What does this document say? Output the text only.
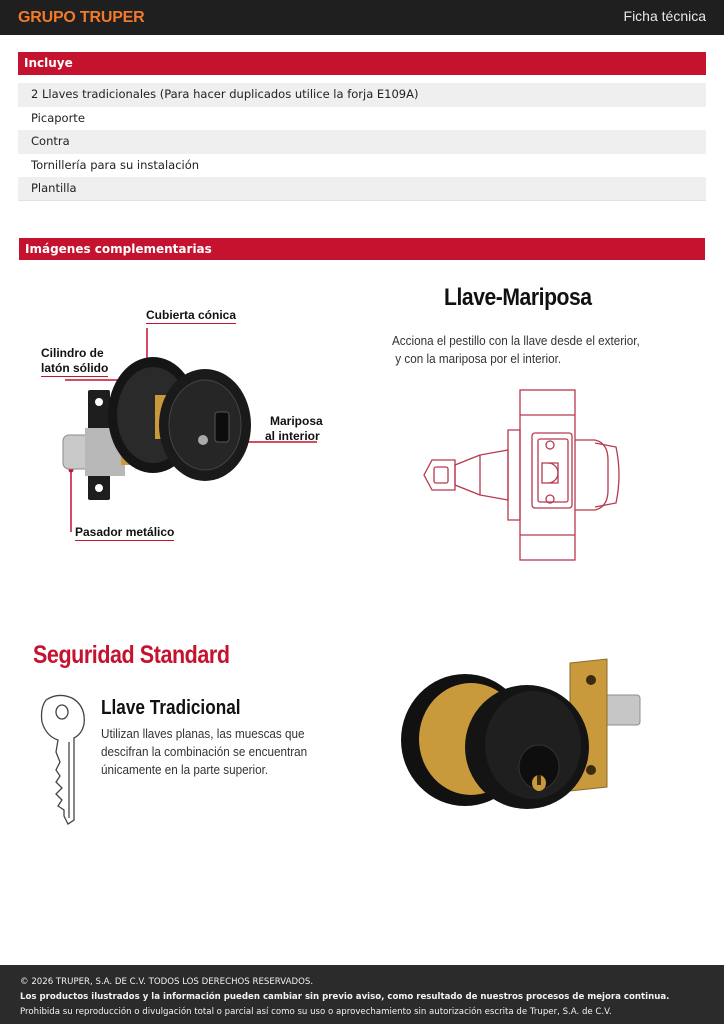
GRUPO TRUPER	Ficha técnica
Incluye
2 Llaves tradicionales (Para hacer duplicados utilice la forja E109A)
Picaporte
Contra
Tornillería para su instalación
Plantilla
Imágenes complementarias
Cubierta cónica
Cilindro de
latón sólido
Mariposa
al interior
Pasador metálico
Llave-Mariposa
Acciona el pestillo con la llave desde el exterior,
y con la mariposa por el interior.
Seguridad Standard
Llave Tradicional
Utilizan llaves planas, las muescas que
descifran la combinación se encuentran
únicamente en la parte superior.
© 2026 TRUPER, S.A. DE C.V. TODOS LOS DERECHOS RESERVADOS.
Los productos ilustrados y la información pueden cambiar sin previo aviso, como resultado de nuestros procesos de mejora continua.
Prohibida su reproducción o divulgación total o parcial así como su uso o aprovechamiento sin autorización escrita de Truper, S.A. de C.V.
